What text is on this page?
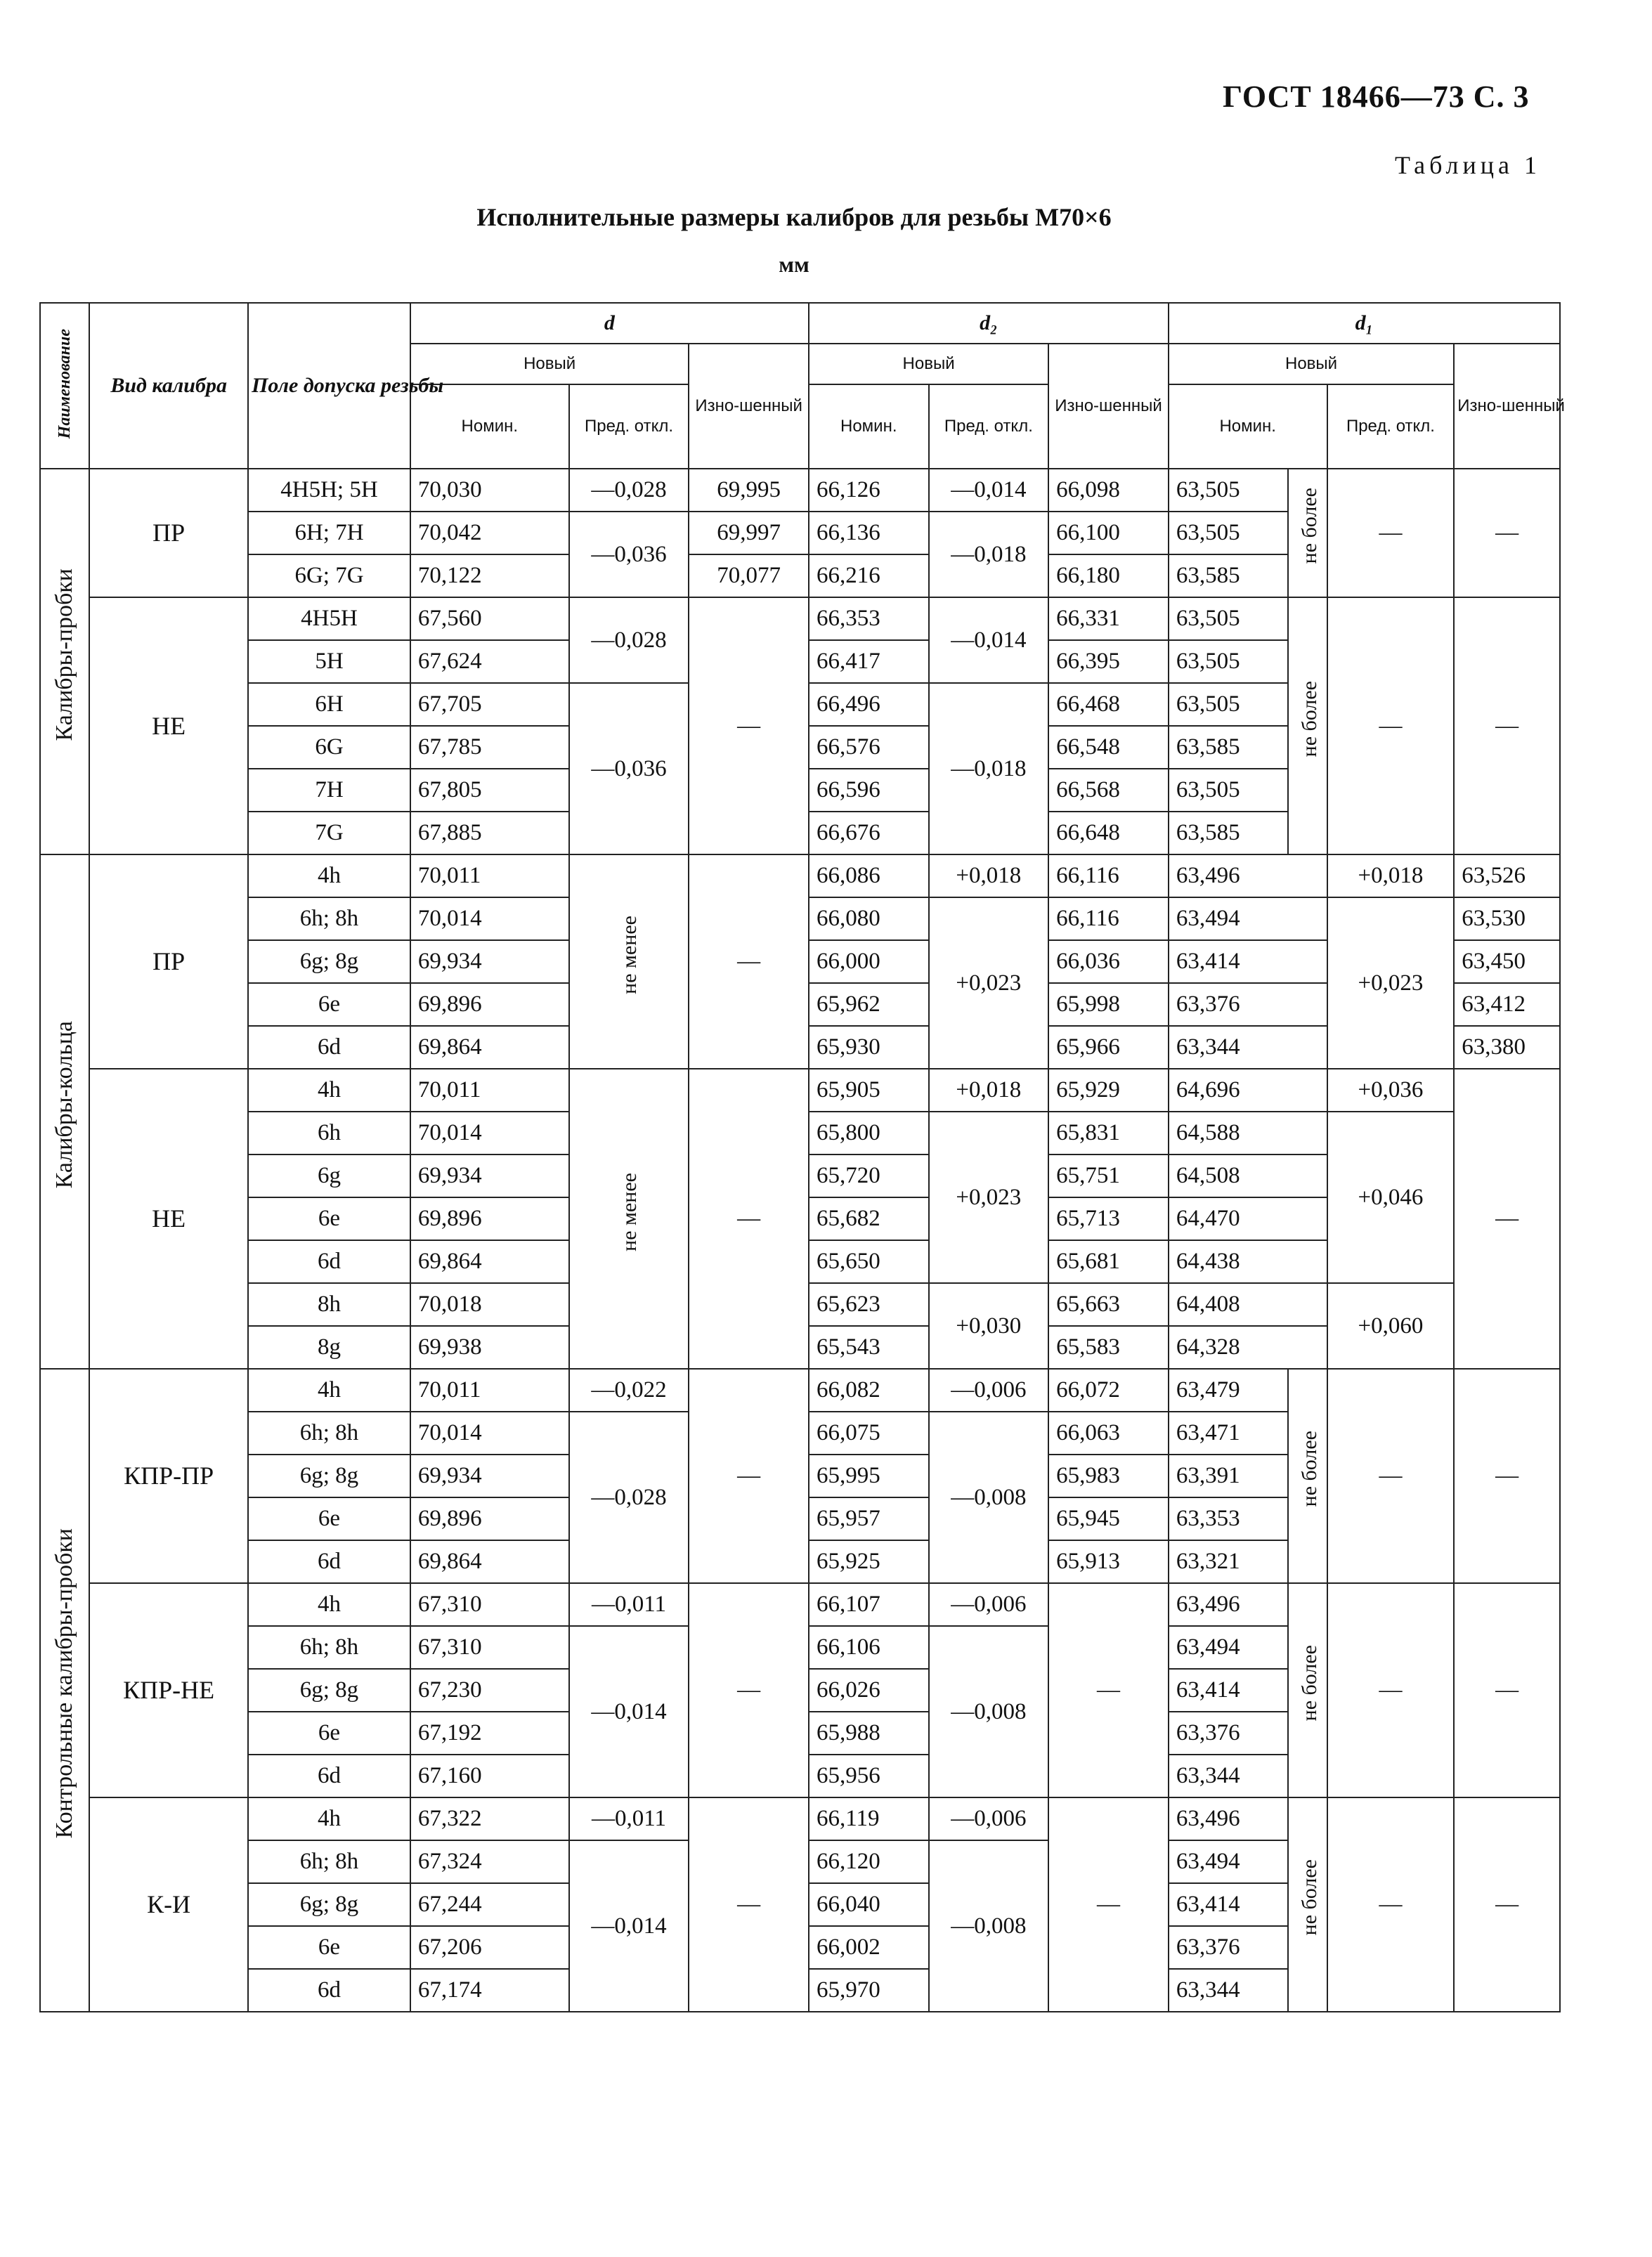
ГОСТ 18466—73 С. 3
Таблица 1
Исполнительные размеры калибров для резьбы М70×6
мм
Наименование	Вид калибра	Поле допуска резьбы	d			d₂			d₁			
			Новый		Изно-шенный	Новый		Изно-шенный	Новый			Изно-шенный
			Номин.	Пред. откл.		Номин.	Пред. откл.		Номин.		Пред. откл.	
Калибры-пробки	ПР	4H5H; 5H	70,030	—0,028	69,995	66,126	—0,014	66,098	63,505	не более	—	—
		6H; 7H	70,042	—0,036	69,997	66,136	—0,018	66,100	63,505			
		6G; 7G	70,122		70,077	66,216		66,180	63,585			
	НЕ	4H5H	67,560	—0,028	—	66,353	—0,014	66,331	63,505	не более	—	—
		5H	67,624			66,417		66,395	63,505			
		6H	67,705	—0,036		66,496	—0,018	66,468	63,505			
		6G	67,785			66,576		66,548	63,585			
		7H	67,805			66,596		66,568	63,505			
		7G	67,885			66,676		66,648	63,585			
Калибры-кольца	ПР	4h	70,011	не менее	—	66,086	+0,018	66,116	63,496		+0,018	63,526
		6h; 8h	70,014			66,080	+0,023	66,116	63,494		+0,023	63,530
		6g; 8g	69,934			66,000		66,036	63,414			63,450
		6e	69,896			65,962		65,998	63,376			63,412
		6d	69,864			65,930		65,966	63,344			63,380
	НЕ	4h	70,011	не менее	—	65,905	+0,018	65,929	64,696		+0,036	—
		6h	70,014			65,800	+0,023	65,831	64,588		+0,046	
		6g	69,934			65,720		65,751	64,508			
		6e	69,896			65,682		65,713	64,470			
		6d	69,864			65,650		65,681	64,438			
		8h	70,018			65,623	+0,030	65,663	64,408		+0,060	
		8g	69,938			65,543		65,583	64,328			
Контрольные калибры-пробки	КПР-ПР	4h	70,011	—0,022	—	66,082	—0,006	66,072	63,479	не более	—	—
		6h; 8h	70,014	—0,028		66,075	—0,008	66,063	63,471			
		6g; 8g	69,934			65,995		65,983	63,391			
		6e	69,896			65,957		65,945	63,353			
		6d	69,864			65,925		65,913	63,321			
	КПР-НЕ	4h	67,310	—0,011	—	66,107	—0,006	—	63,496	не более	—	—
		6h; 8h	67,310	—0,014		66,106	—0,008		63,494			
		6g; 8g	67,230			66,026			63,414			
		6e	67,192			65,988			63,376			
		6d	67,160			65,956			63,344			
	К-И	4h	67,322	—0,011	—	66,119	—0,006	—	63,496	не более	—	—
		6h; 8h	67,324	—0,014		66,120	—0,008		63,494			
		6g; 8g	67,244			66,040			63,414			
		6e	67,206			66,002			63,376			
		6d	67,174			65,970			63,344			
